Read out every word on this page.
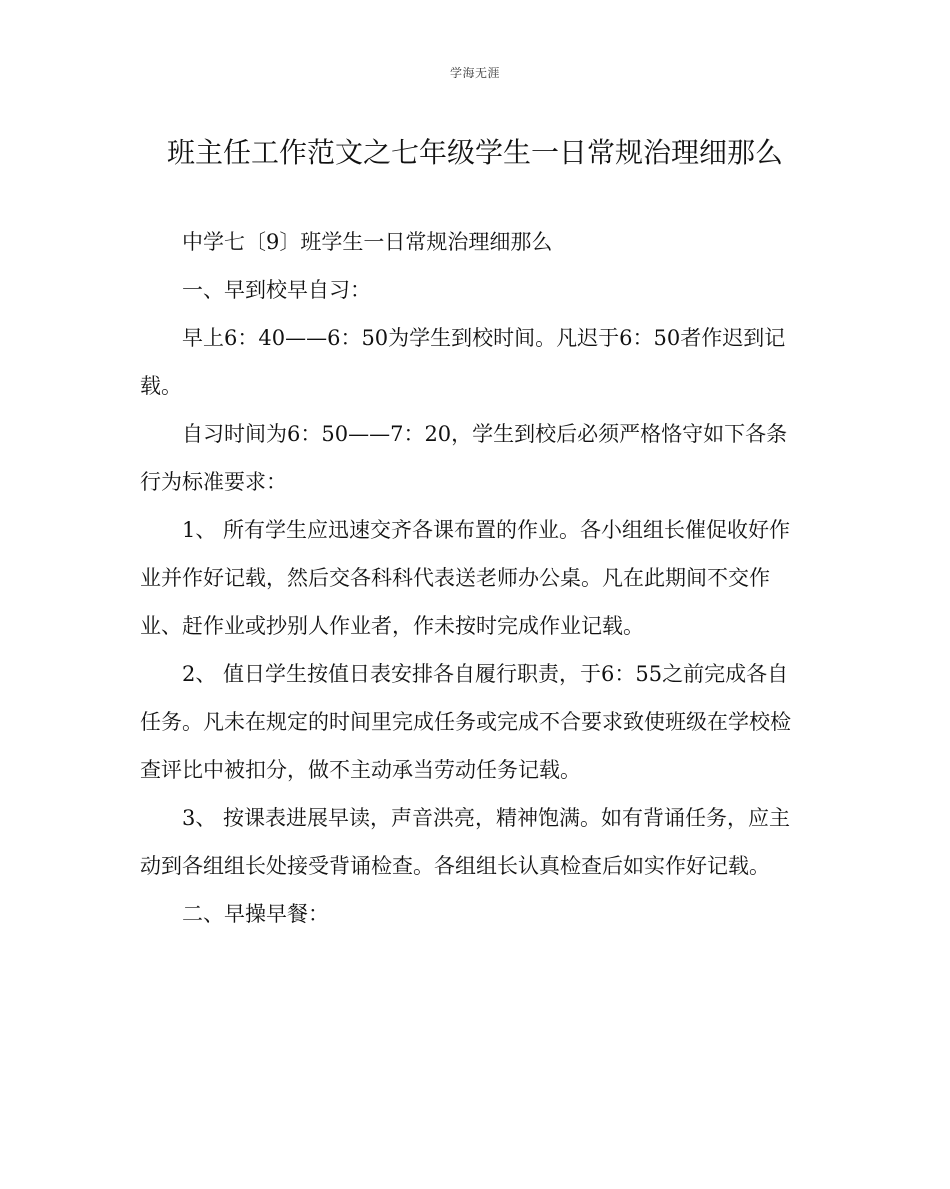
学海无涯
班主任工作范文之七年级学生一日常规治理细那么

中学七〔9〕班学生一日常规治理细那么

一、早到校早自习：

早上6：40——6：50为学生到校时间。凡迟于6：50者作迟到记载。

自习时间为6：50——7：20，学生到校后必须严格恪守如下各条行为标准要求：

1、 所有学生应迅速交齐各课布置的作业。各小组组长催促收好作业并作好记载，然后交各科科代表送老师办公桌。凡在此期间不交作业、赶作业或抄别人作业者，作未按时完成作业记载。

2、 值日学生按值日表安排各自履行职责，于6：55之前完成各自任务。凡未在规定的时间里完成任务或完成不合要求致使班级在学校检查评比中被扣分，做不主动承当劳动任务记载。

3、 按课表进展早读，声音洪亮，精神饱满。如有背诵任务，应主动到各组组长处接受背诵检查。各组组长认真检查后如实作好记载。

二、早操早餐：
